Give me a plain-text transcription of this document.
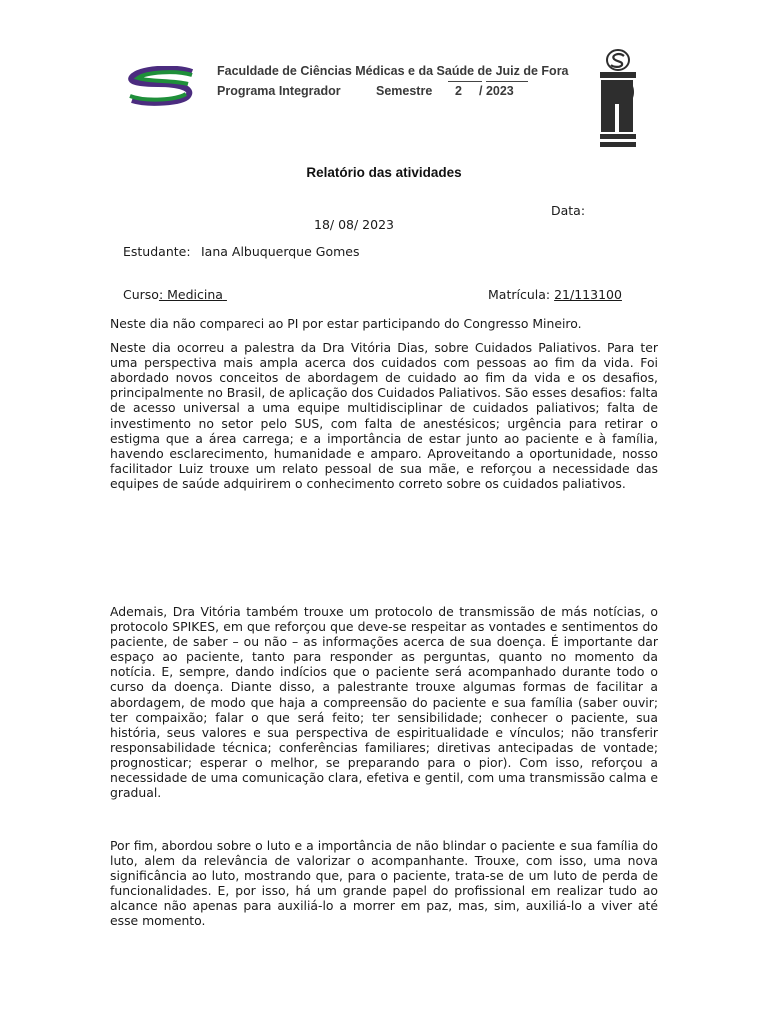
Faculdade de Ciências Médicas e da Saúde de Juiz de Fora
Programa Integrador	Semestre 2 / 2023
Relatório das atividades
Data:
18/ 08/ 2023
Estudante: Iana Albuquerque Gomes
Curso: Medicina	Matrícula: 21/113100

Neste dia não compareci ao PI por estar participando do Congresso Mineiro.

Neste dia ocorreu a palestra da Dra Vitória Dias, sobre Cuidados Paliativos. Para ter uma perspectiva mais ampla acerca dos cuidados com pessoas ao fim da vida. Foi abordado novos conceitos de abordagem de cuidado ao fim da vida e os desafios, principalmente no Brasil, de aplicação dos Cuidados Paliativos. São esses desafios: falta de acesso universal a uma equipe multidisciplinar de cuidados paliativos; falta de investimento no setor pelo SUS, com falta de anestésicos; urgência para retirar o estigma que a área carrega; e a importância de estar junto ao paciente e à família, havendo esclarecimento, humanidade e amparo. Aproveitando a oportunidade, nosso facilitador Luiz trouxe um relato pessoal de sua mãe, e reforçou a necessidade das equipes de saúde adquirirem o conhecimento correto sobre os cuidados paliativos.

Ademais, Dra Vitória também trouxe um protocolo de transmissão de más notícias, o protocolo SPIKES, em que reforçou que deve-se respeitar as vontades e sentimentos do paciente, de saber – ou não – as informações acerca de sua doença. É importante dar espaço ao paciente, tanto para responder as perguntas, quanto no momento da notícia. E, sempre, dando indícios que o paciente será acompanhado durante todo o curso da doença. Diante disso, a palestrante trouxe algumas formas de facilitar a abordagem, de modo que haja a compreensão do paciente e sua família (saber ouvir; ter compaixão; falar o que será feito; ter sensibilidade; conhecer o paciente, sua história, seus valores e sua perspectiva de espiritualidade e vínculos; não transferir responsabilidade técnica; conferências familiares; diretivas antecipadas de vontade; prognosticar; esperar o melhor, se preparando para o pior). Com isso, reforçou a necessidade de uma comunicação clara, efetiva e gentil, com uma transmissão calma e gradual.

Por fim, abordou sobre o luto e a importância de não blindar o paciente e sua família do luto, alem da relevância de valorizar o acompanhante. Trouxe, com isso, uma nova significância ao luto, mostrando que, para o paciente, trata-se de um luto de perda de funcionalidades. E, por isso, há um grande papel do profissional em realizar tudo ao alcance não apenas para auxiliá-lo a morrer em paz, mas, sim, auxiliá-lo a viver até esse momento.
